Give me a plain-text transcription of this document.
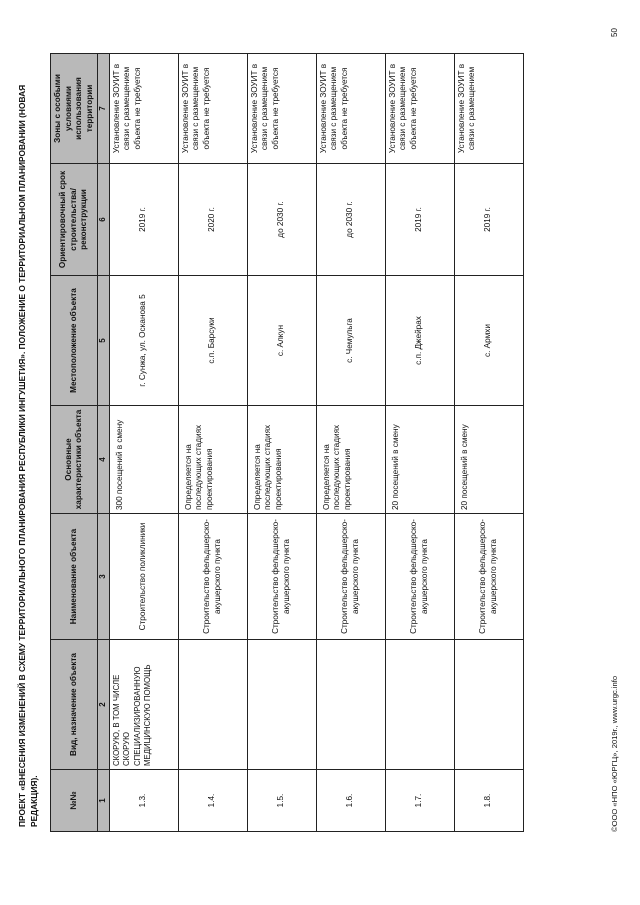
ПРОЕКТ «ВНЕСЕНИЯ ИЗМЕНЕНИЙ В СХЕМУ ТЕРРИТОРИАЛЬНОГО ПЛАНИРОВАНИЯ РЕСПУБЛИКИ ИНГУШЕТИЯ». ПОЛОЖЕНИЕ О ТЕРРИТОРИАЛЬНОМ ПЛАНИРОВАНИИ (НОВАЯ РЕДАКЦИЯ).	№№	Вид, назначение объекта	Наименование объекта	Основные характеристики объекта	Местоположение объекта	Ориентировочный срок строительства/ реконструкции	Зоны с особыми условиями использования территории
1	2	3	4	5	6	7
1.3.	СКОРУЮ, В ТОМ ЧИСЛЕ СКОРУЮ СПЕЦИАЛИЗИРОВАННУЮ МЕДИЦИНСКУЮ ПОМОЩЬ	Строительство поликлиники	300 посещений в смену	г. Сунжа, ул. Осканова 5	2019 г.	Установление ЗОУИТ в связи с размещением объекта не требуется
1.4.		Строительство фельдшерско-акушерского пункта	Определяется на последующих стадиях проектирования	с.п. Барсуки	2020 г.	Установление ЗОУИТ в связи с размещением объекта не требуется
1.5.		Строительство фельдшерско-акушерского пункта	Определяется на последующих стадиях проектирования	с. Алкун	до 2030 г.	Установление ЗОУИТ в связи с размещением объекта не требуется
1.6.		Строительство фельдшерско-акушерского пункта	Определяется на последующих стадиях проектирования	с. Чемульга	до 2030 г.	Установление ЗОУИТ в связи с размещением объекта не требуется
1.7.		Строительство фельдшерско-акушерского пункта	20 посещений в смену	с.п. Джейрах	2019 г.	Установление ЗОУИТ в связи с размещением объекта не требуется
1.8.		Строительство фельдшерско-акушерского пункта	20 посещений в смену	с. Армхи	2019 г.	Установление ЗОУИТ в связи с размещением
©ООО «НПО «ЮРГЦ», 2019г., www.urgc.info
50
